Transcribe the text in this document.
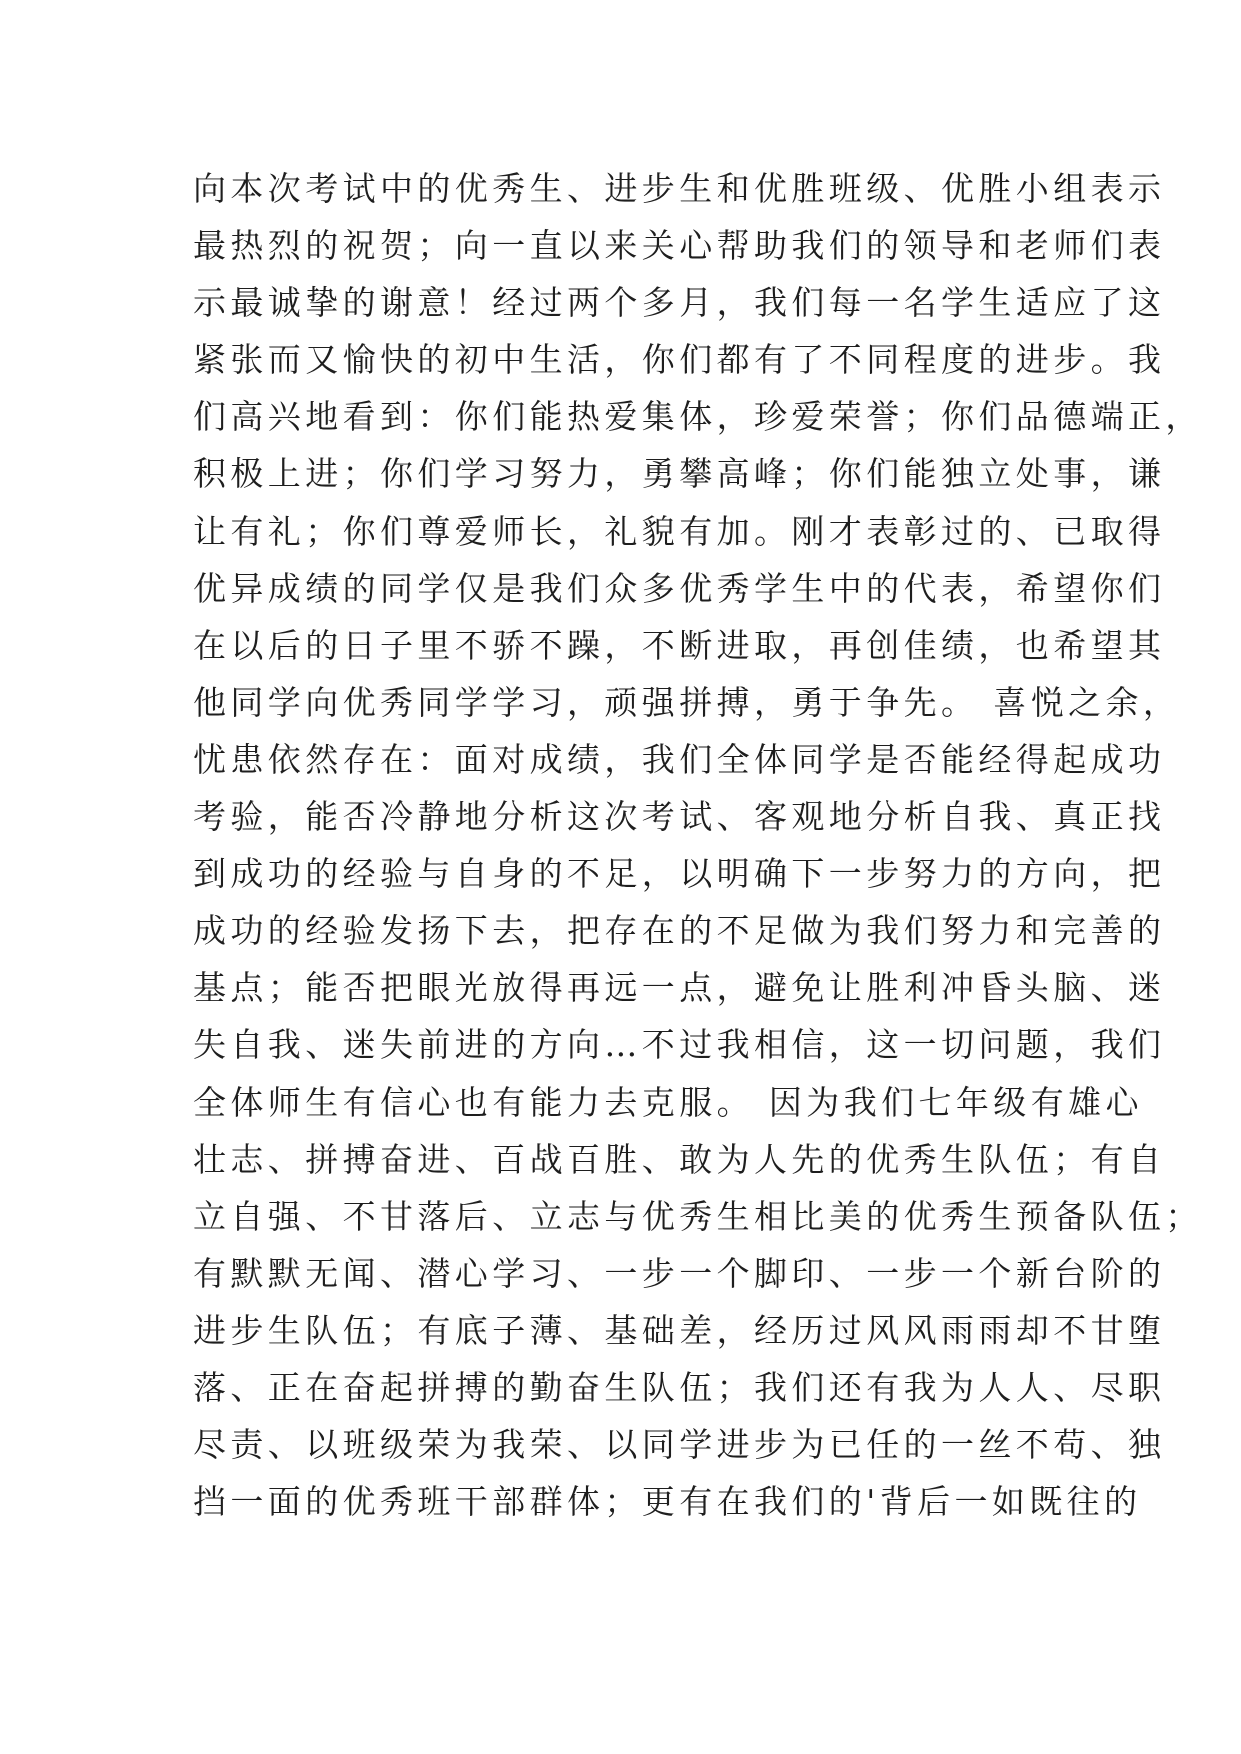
向本次考试中的优秀生、进步生和优胜班级、优胜小组表示
最热烈的祝贺；向一直以来关心帮助我们的领导和老师们表
示最诚挚的谢意！经过两个多月，我们每一名学生适应了这
紧张而又愉快的初中生活，你们都有了不同程度的进步。我
们高兴地看到：你们能热爱集体，珍爱荣誉；你们品德端正，
积极上进；你们学习努力，勇攀高峰；你们能独立处事，谦
让有礼；你们尊爱师长，礼貌有加。刚才表彰过的、已取得
优异成绩的同学仅是我们众多优秀学生中的代表，希望你们
在以后的日子里不骄不躁，不断进取，再创佳绩，也希望其
他同学向优秀同学学习，顽强拼搏，勇于争先。 喜悦之余，
忧患依然存在：面对成绩，我们全体同学是否能经得起成功
考验，能否冷静地分析这次考试、客观地分析自我、真正找
到成功的经验与自身的不足，以明确下一步努力的方向，把
成功的经验发扬下去，把存在的不足做为我们努力和完善的
基点；能否把眼光放得再远一点，避免让胜利冲昏头脑、迷
失自我、迷失前进的方向…不过我相信，这一切问题，我们
全体师生有信心也有能力去克服。 因为我们七年级有雄心
壮志、拼搏奋进、百战百胜、敢为人先的优秀生队伍；有自
立自强、不甘落后、立志与优秀生相比美的优秀生预备队伍；
有默默无闻、潜心学习、一步一个脚印、一步一个新台阶的
进步生队伍；有底子薄、基础差，经历过风风雨雨却不甘堕
落、正在奋起拼搏的勤奋生队伍；我们还有我为人人、尽职
尽责、以班级荣为我荣、以同学进步为已任的一丝不苟、独
挡一面的优秀班干部群体；更有在我们的'背后一如既往的
